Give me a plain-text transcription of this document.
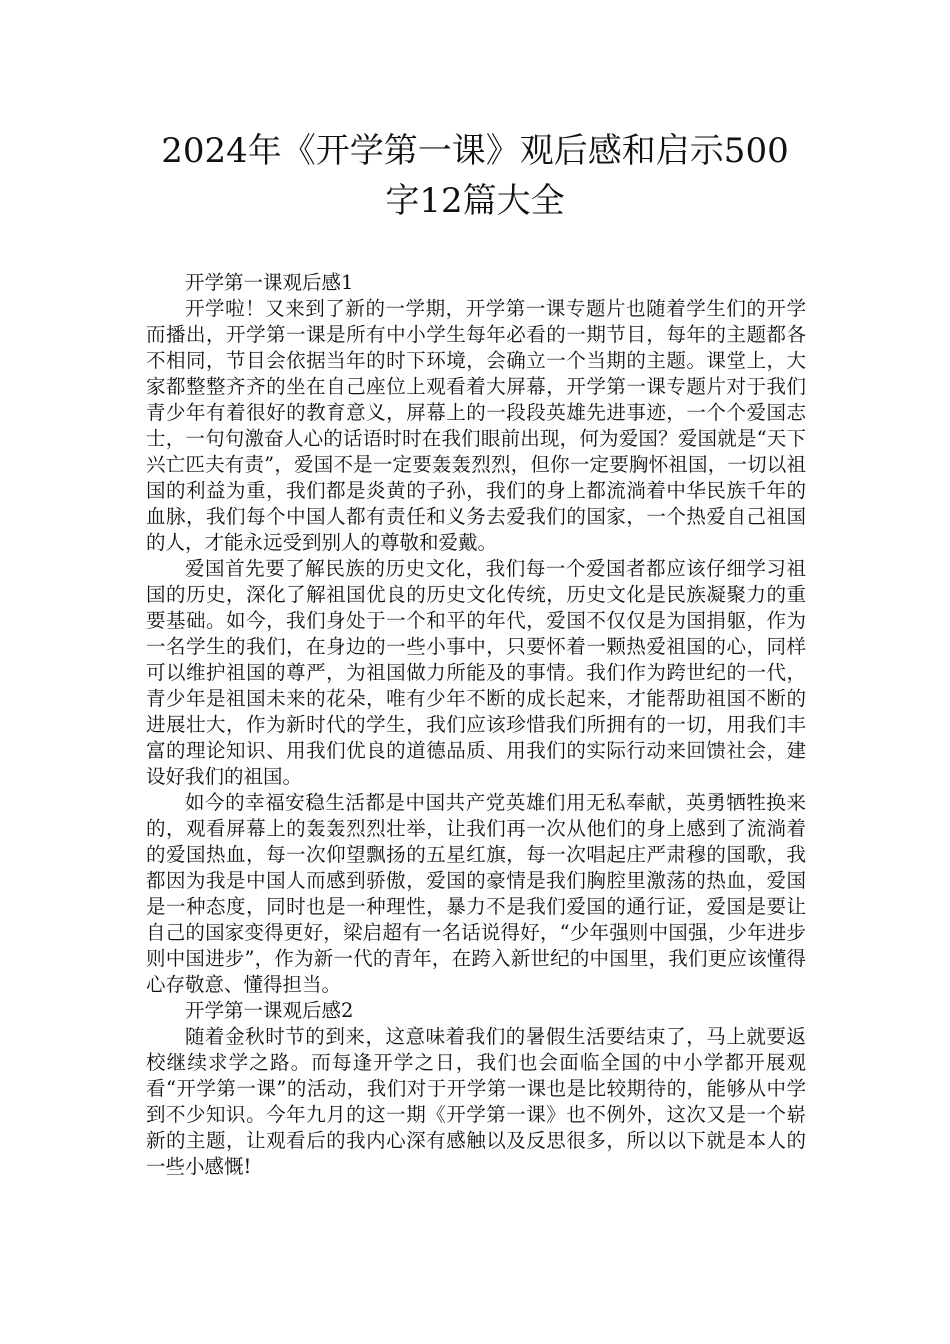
2024年《开学第一课》观后感和启示500
字12篇大全

开学第一课观后感1

开学啦！又来到了新的一学期，开学第一课专题片也随着学生们的开学而播出，开学第一课是所有中小学生每年必看的一期节目，每年的主题都各不相同，节目会依据当年的时下环境，会确立一个当期的主题。课堂上，大家都整整齐齐的坐在自己座位上观看着大屏幕，开学第一课专题片对于我们青少年有着很好的教育意义，屏幕上的一段段英雄先进事迹，一个个爱国志士，一句句激奋人心的话语时时在我们眼前出现，何为爱国？爱国就是“天下兴亡匹夫有责”，爱国不是一定要轰轰烈烈，但你一定要胸怀祖国，一切以祖国的利益为重，我们都是炎黄的子孙，我们的身上都流淌着中华民族千年的血脉，我们每个中国人都有责任和义务去爱我们的国家，一个热爱自己祖国的人，才能永远受到别人的尊敬和爱戴。

爱国首先要了解民族的历史文化，我们每一个爱国者都应该仔细学习祖国的历史，深化了解祖国优良的历史文化传统，历史文化是民族凝聚力的重要基础。如今，我们身处于一个和平的年代，爱国不仅仅是为国捐躯，作为一名学生的我们，在身边的一些小事中，只要怀着一颗热爱祖国的心，同样可以维护祖国的尊严，为祖国做力所能及的事情。我们作为跨世纪的一代，青少年是祖国未来的花朵，唯有少年不断的成长起来，才能帮助祖国不断的进展壮大，作为新时代的学生，我们应该珍惜我们所拥有的一切，用我们丰富的理论知识、用我们优良的道德品质、用我们的实际行动来回馈社会，建设好我们的祖国。

如今的幸福安稳生活都是中国共产党英雄们用无私奉献，英勇牺牲换来的，观看屏幕上的轰轰烈烈壮举，让我们再一次从他们的身上感到了流淌着的爱国热血，每一次仰望飘扬的五星红旗，每一次唱起庄严肃穆的国歌，我都因为我是中国人而感到骄傲，爱国的豪情是我们胸腔里激荡的热血，爱国是一种态度，同时也是一种理性，暴力不是我们爱国的通行证，爱国是要让自己的国家变得更好，梁启超有一名话说得好，“少年强则中国强，少年进步则中国进步”，作为新一代的青年，在跨入新世纪的中国里，我们更应该懂得心存敬意、懂得担当。

开学第一课观后感2

随着金秋时节的到来，这意味着我们的暑假生活要结束了，马上就要返校继续求学之路。而每逢开学之日，我们也会面临全国的中小学都开展观看“开学第一课”的活动，我们对于开学第一课也是比较期待的，能够从中学到不少知识。今年九月的这一期《开学第一课》也不例外，这次又是一个崭新的主题，让观看后的我内心深有感触以及反思很多，所以以下就是本人的一些小感慨!
